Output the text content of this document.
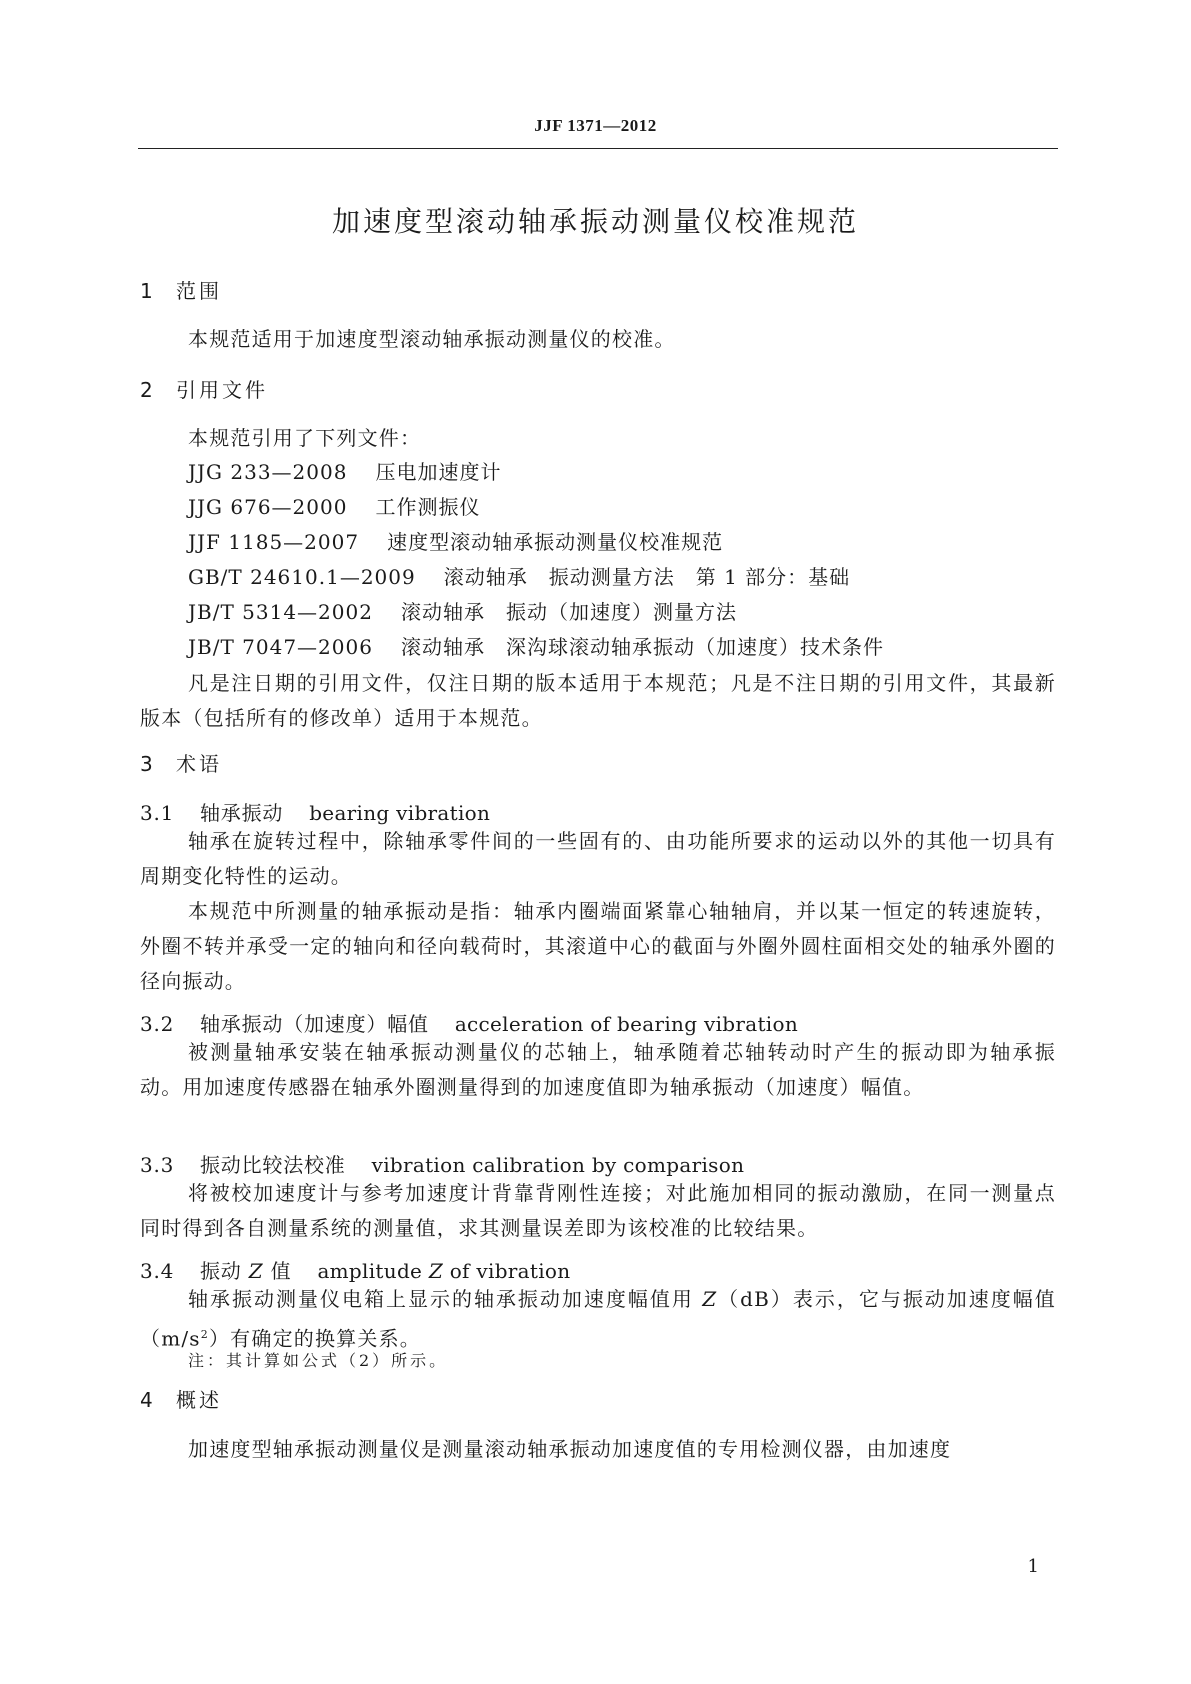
JJF 1371—2012
加速度型滚动轴承振动测量仪校准规范
1 范围
本规范适用于加速度型滚动轴承振动测量仪的校准。
2 引用文件
本规范引用了下列文件：
JJG 233—2008 压电加速度计
JJG 676—2000 工作测振仪
JJF 1185—2007 速度型滚动轴承振动测量仪校准规范
GB/T 24610.1—2009 滚动轴承　振动测量方法　第 1 部分：基础
JB/T 5314—2002 滚动轴承　振动（加速度）测量方法
JB/T 7047—2006 滚动轴承　深沟球滚动轴承振动（加速度）技术条件
凡是注日期的引用文件，仅注日期的版本适用于本规范；凡是不注日期的引用文件，其最新版本（包括所有的修改单）适用于本规范。
3 术语
3.1 轴承振动 bearing vibration
轴承在旋转过程中，除轴承零件间的一些固有的、由功能所要求的运动以外的其他一切具有周期变化特性的运动。
本规范中所测量的轴承振动是指：轴承内圈端面紧靠心轴轴肩，并以某一恒定的转速旋转，外圈不转并承受一定的轴向和径向载荷时，其滚道中心的截面与外圈外圆柱面相交处的轴承外圈的径向振动。
3.2 轴承振动（加速度）幅值 acceleration of bearing vibration
被测量轴承安装在轴承振动测量仪的芯轴上，轴承随着芯轴转动时产生的振动即为轴承振动。用加速度传感器在轴承外圈测量得到的加速度值即为轴承振动（加速度）幅值。
3.3 振动比较法校准 vibration calibration by comparison
将被校加速度计与参考加速度计背靠背刚性连接；对此施加相同的振动激励，在同一测量点同时得到各自测量系统的测量值，求其测量误差即为该校准的比较结果。
3.4 振动 Z 值 amplitude Z of vibration
轴承振动测量仪电箱上显示的轴承振动加速度幅值用 Z（dB）表示，它与振动加速度幅值$(m/s^2)$有确定的换算关系。
注：其计算如公式（2）所示。
4 概述
加速度型轴承振动测量仪是测量滚动轴承振动加速度值的专用检测仪器，由加速度
1
